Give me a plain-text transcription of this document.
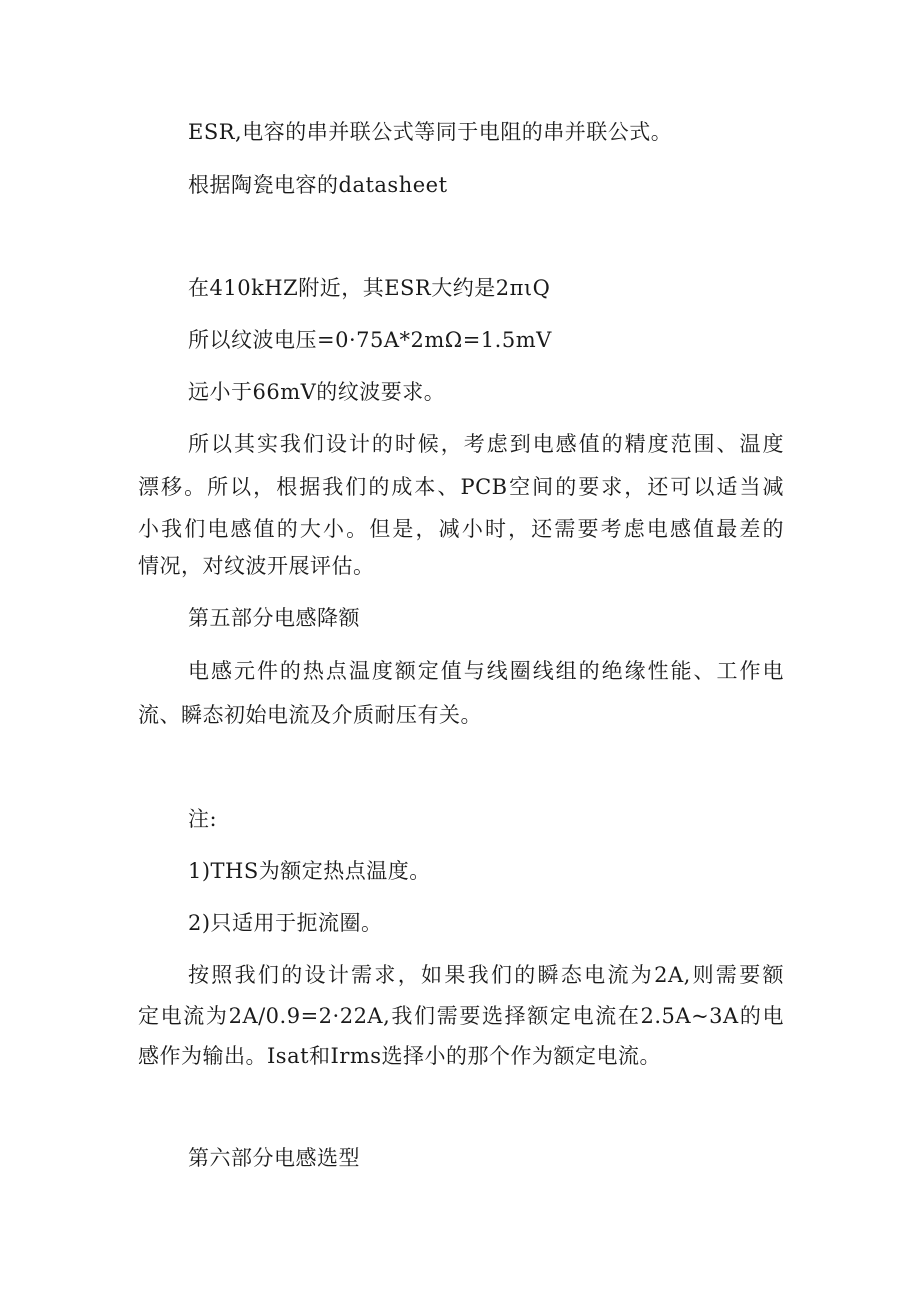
ESR,电容的串并联公式等同于电阻的串并联公式。
根据陶瓷电容的datasheet
在410kHZ附近，其ESR大约是2πιQ
所以纹波电压=0·75A*2mΩ=1.5mV
远小于66mV的纹波要求。
所以其实我们设计的时候，考虑到电感值的精度范围、温度
漂移。所以，根据我们的成本、PCB空间的要求，还可以适当减
小我们电感值的大小。但是，减小时，还需要考虑电感值最差的
情况，对纹波开展评估。
第五部分电感降额
电感元件的热点温度额定值与线圈线组的绝缘性能、工作电
流、瞬态初始电流及介质耐压有关。
注:
1)THS为额定热点温度。
2)只适用于扼流圈。
按照我们的设计需求，如果我们的瞬态电流为2A,则需要额
定电流为2A/0.9=2·22A,我们需要选择额定电流在2.5A~3A的电
感作为输出。Isat和Irms选择小的那个作为额定电流。
第六部分电感选型
